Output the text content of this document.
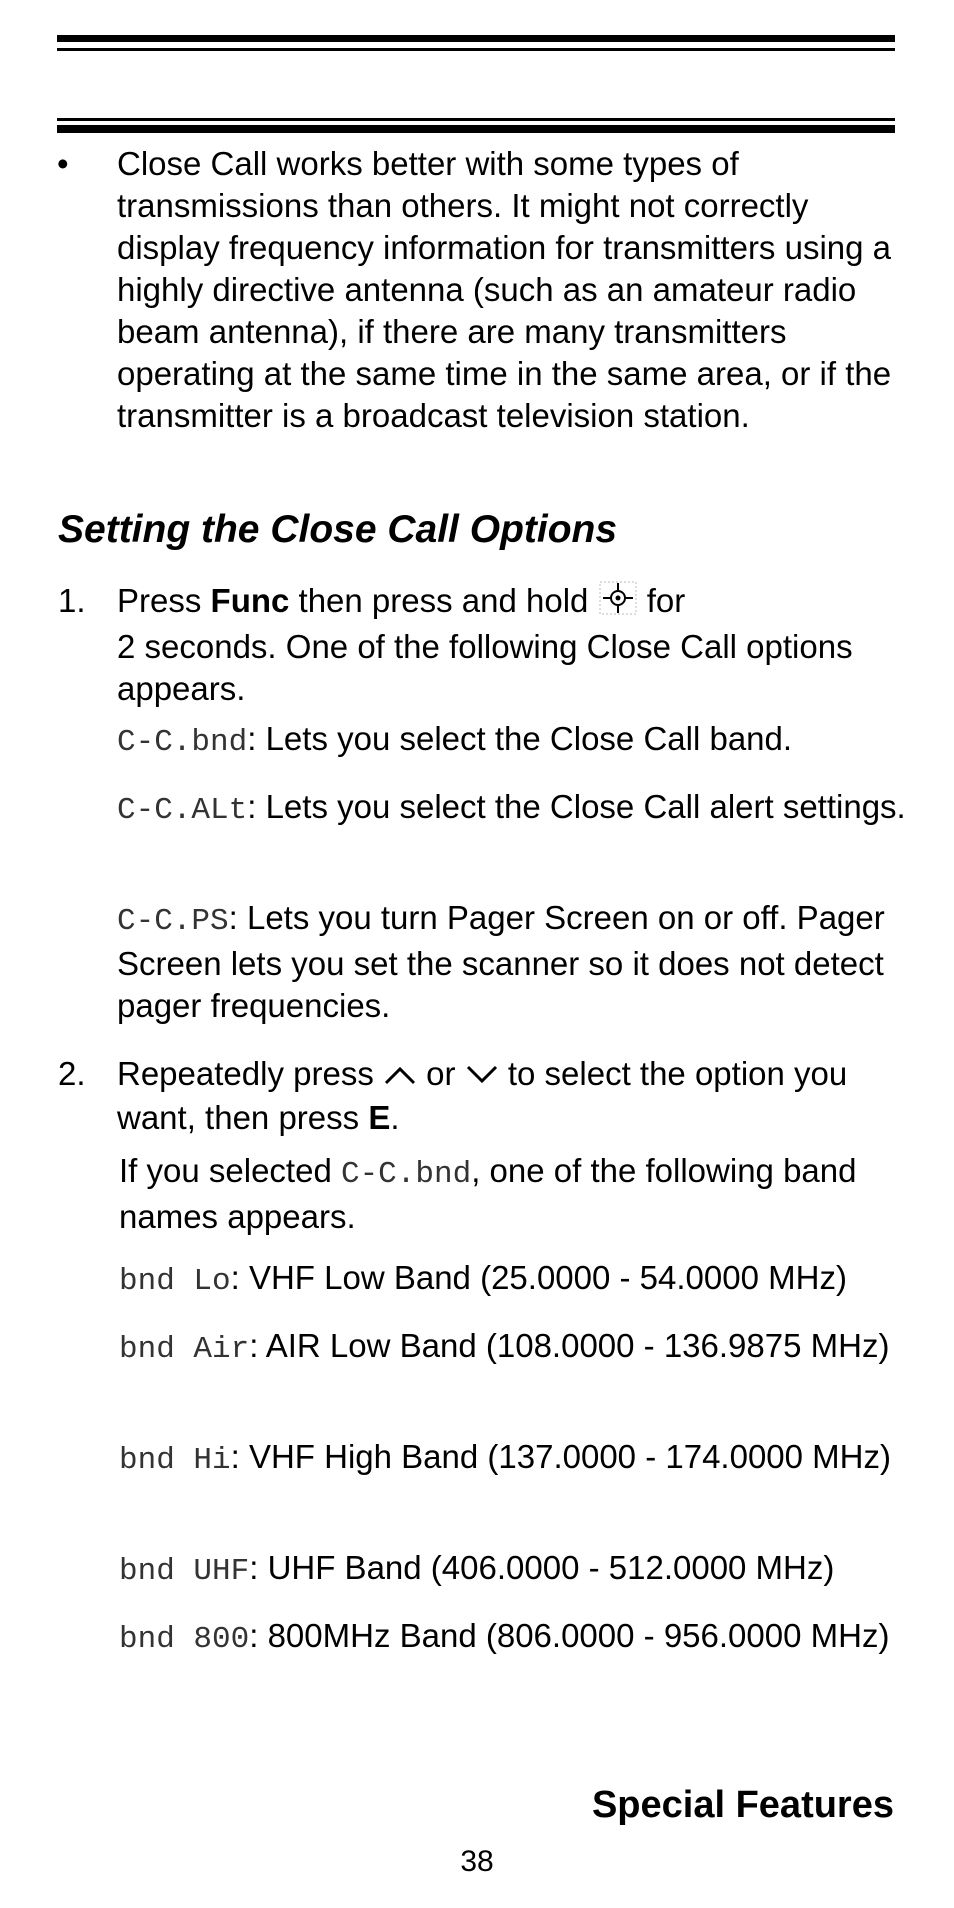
• Close Call works better with some types of transmissions than others. It might not correctly display frequency information for transmitters using a highly directive antenna (such as an amateur radio beam antenna), if there are many transmitters operating at the same time in the same area, or if the transmitter is a broadcast television station.
Setting the Close Call Options
1. Press Func then press and hold  for
2 seconds. One of the following Close Call options appears.
C-C.bnd: Lets you select the Close Call band.
C-C.ALt: Lets you select the Close Call alert settings.
C-C.PS: Lets you turn Pager Screen on or off. Pager Screen lets you set the scanner so it does not detect pager frequencies.
2. Repeatedly press  or  to select the option you want, then press E.
If you selected C-C.bnd, one of the following band names appears.
bnd Lo: VHF Low Band (25.0000 - 54.0000 MHz)
bnd Air: AIR Low Band (108.0000 - 136.9875 MHz)
bnd Hi: VHF High Band (137.0000 - 174.0000 MHz)
bnd UHF: UHF Band (406.0000 - 512.0000 MHz)
bnd 800: 800MHz Band (806.0000 - 956.0000 MHz)
Special Features
38
